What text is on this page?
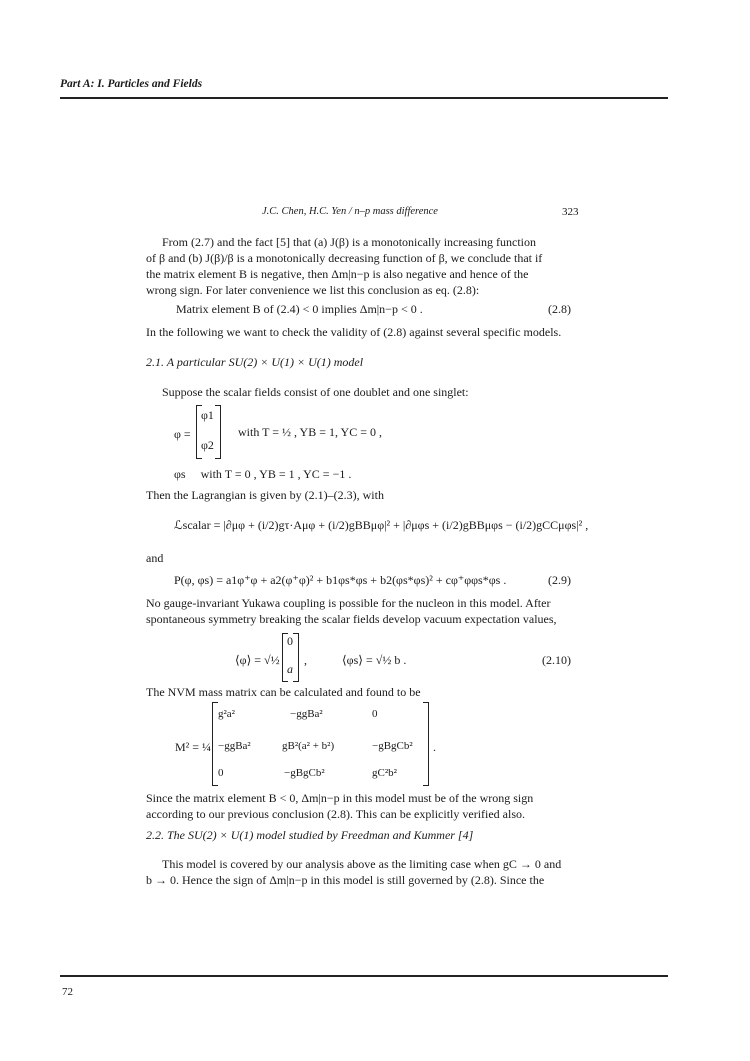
Part A: I. Particles and Fields
J.C. Chen, H.C. Yen / n–p mass difference	323
From (2.7) and the fact [5] that (a) J(β) is a monotonically increasing function
of β and (b) J(β)/β is a monotonically decreasing function of β, we conclude that if
the matrix element B is negative, then Δm|n−p is also negative and hence of the
wrong sign. For later convenience we list this conclusion as eq. (2.8):
Matrix element B of (2.4) < 0 implies Δm|n−p < 0 .	(2.8)
In the following we want to check the validity of (2.8) against several specific models.
2.1. A particular SU(2) × U(1) × U(1) model
Suppose the scalar fields consist of one doublet and one singlet:
φ =
φ1
φ2
with T = ½ , YB = 1, YC = 0 ,
φs     with T = 0 , YB = 1 , YC = −1 .
Then the Lagrangian is given by (2.1)–(2.3), with
ℒscalar = |∂μφ + (i/2)gτ·Aμφ + (i/2)gBBμφ|² + |∂μφs + (i/2)gBBμφs − (i/2)gCCμφs|² ,
and
P(φ, φs) = a1φ⁺φ + a2(φ⁺φ)² + b1φs*φs + b2(φs*φs)² + cφ⁺φφs*φs .	(2.9)
No gauge-invariant Yukawa coupling is possible for the nucleon in this model. After
spontaneous symmetry breaking the scalar fields develop vacuum expectation values,
⟨φ⟩ = √½
0
a
,	⟨φs⟩ = √½ b .	(2.10)
The NVM mass matrix can be calculated and found to be
M² = ¼
g²a²	−ggBa²	0
−ggBa²	gB²(a² + b²)	−gBgCb²
0	−gBgCb²	gC²b²
.
Since the matrix element B < 0, Δm|n−p in this model must be of the wrong sign
according to our previous conclusion (2.8). This can be explicitly verified also.
2.2. The SU(2) × U(1) model studied by Freedman and Kummer [4]
This model is covered by our analysis above as the limiting case when gC → 0 and
b → 0. Hence the sign of Δm|n−p in this model is still governed by (2.8). Since the
72
